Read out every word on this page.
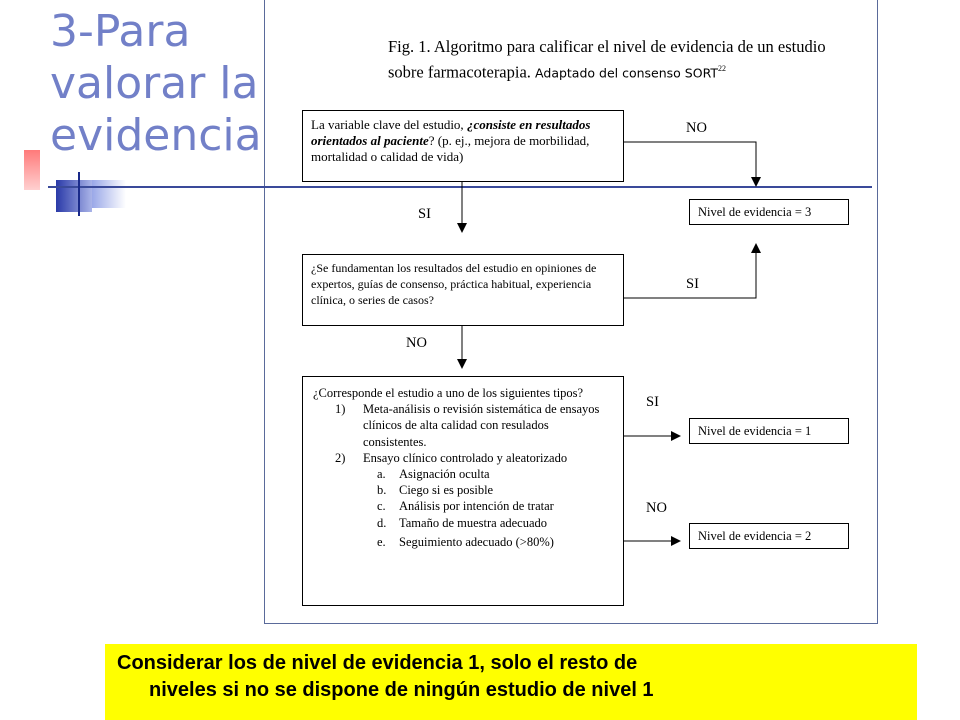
3-Para
valorar la
evidencia
Fig. 1. Algoritmo para calificar el nivel de evidencia de un estudio sobre farmacoterapia. Adaptado del consenso SORT$^{22}$
La variable clave del estudio, ¿consiste en resultados orientados al paciente? (p. ej., mejora de morbilidad, mortalidad o calidad de vida)
¿Se fundamentan los resultados del estudio en opiniones de expertos, guías de consenso, práctica habitual, experiencia clínica, o series de casos?
¿Corresponde el estudio a uno de los siguientes tipos?
1) Meta-análisis o revisión sistemática de ensayos clínicos de alta calidad con resulados consistentes.
2) Ensayo clínico controlado y aleatorizado
a. Asignación oculta
b. Ciego si es posible
c. Análisis por intención de tratar
d. Tamaño de muestra adecuado
e. Seguimiento adecuado (>80%)
Nivel de evidencia = 3
Nivel de evidencia = 1
Nivel de evidencia = 2
NO
SI
SI
NO
SI
NO
Considerar los de nivel de evidencia 1, solo el resto de
niveles si no se dispone de ningún estudio de nivel 1
